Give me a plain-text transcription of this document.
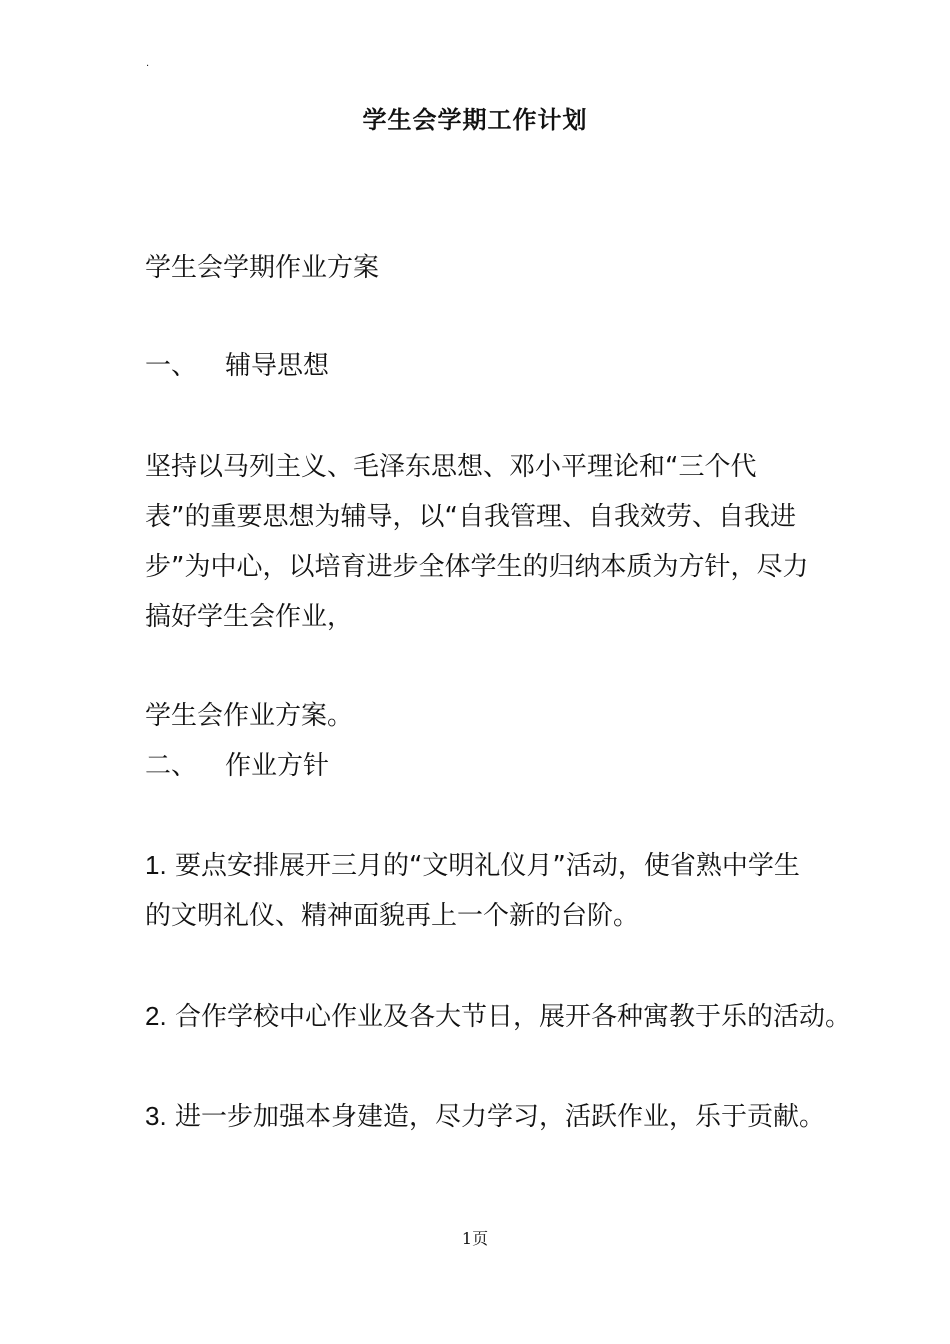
.
学生会学期工作计划
学生会学期作业方案
一、 辅导思想
坚持以马列主义、毛泽东思想、邓小平理论和“三个代表”的重要思想为辅导，以“自我管理、自我效劳、自我进步”为中心，以培育进步全体学生的归纳本质为方针，尽力搞好学生会作业，
学生会作业方案。
二、 作业方针
1. 要点安排展开三月的“文明礼仪月”活动，使省熟中学生的文明礼仪、精神面貌再上一个新的台阶。
2. 合作学校中心作业及各大节日，展开各种寓教于乐的活动。
3. 进一步加强本身建造，尽力学习，活跃作业，乐于贡献。
1页
